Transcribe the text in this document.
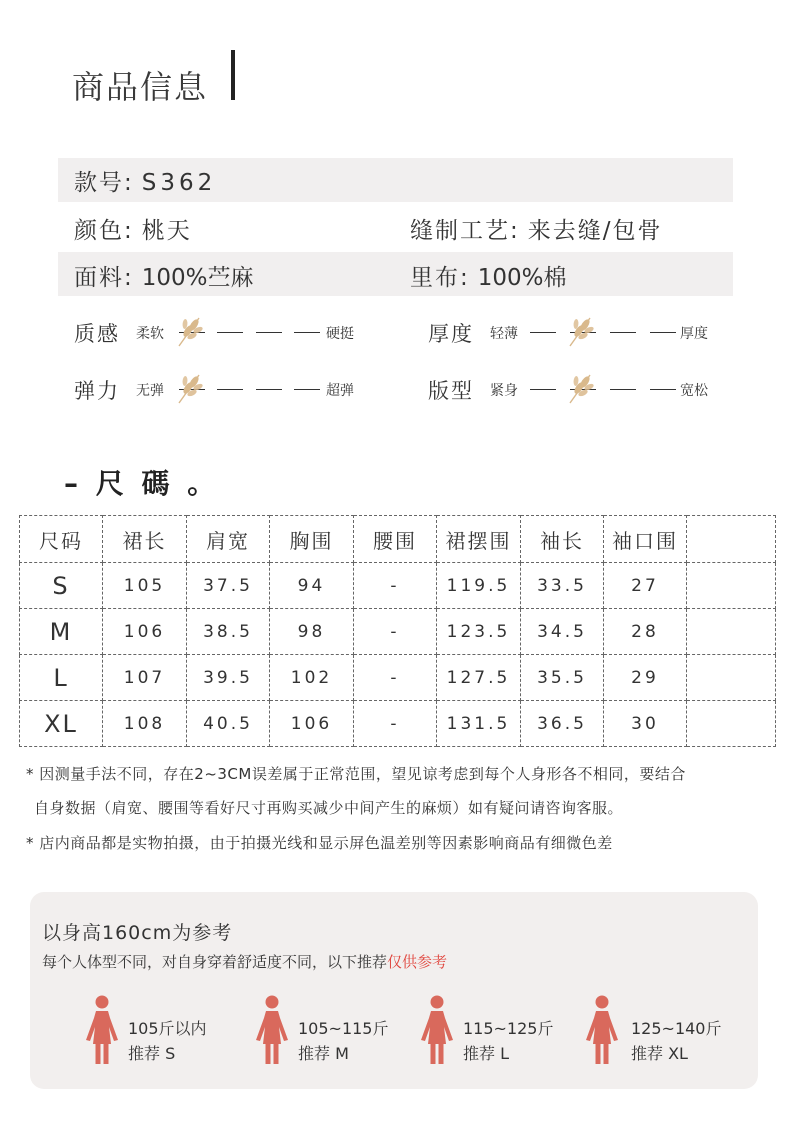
商品信息
款号: S362
颜色: 桃天	缝制工艺: 来去缝/包骨
面料: 100%苎麻	里布: 100%棉
质感 柔软	硬挺	厚度 轻薄	厚度
弹力 无弹	超弹	版型 紧身	宽松
– 尺 碼 。
尺码	裙长	肩宽	胸围	腰围	裙摆围	袖长	袖口围	
S	105	37.5	94	-	119.5	33.5	27	
M	106	38.5	98	-	123.5	34.5	28	
L	107	39.5	102	-	127.5	35.5	29	
XL	108	40.5	106	-	131.5	36.5	30	
* 因测量手法不同，存在2~3CM误差属于正常范围，望见谅考虑到每个人身形各不相同，要结合
自身数据（肩宽、腰围等看好尺寸再购买减少中间产生的麻烦）如有疑问请咨询客服。
* 店内商品都是实物拍摄，由于拍摄光线和显示屏色温差别等因素影响商品有细微色差
以身高160cm为参考
每个人体型不同，对自身穿着舒适度不同，以下推荐仅供参考
105斤以内
推荐 S
105~115斤
推荐 M
115~125斤
推荐 L
125~140斤
推荐 XL
